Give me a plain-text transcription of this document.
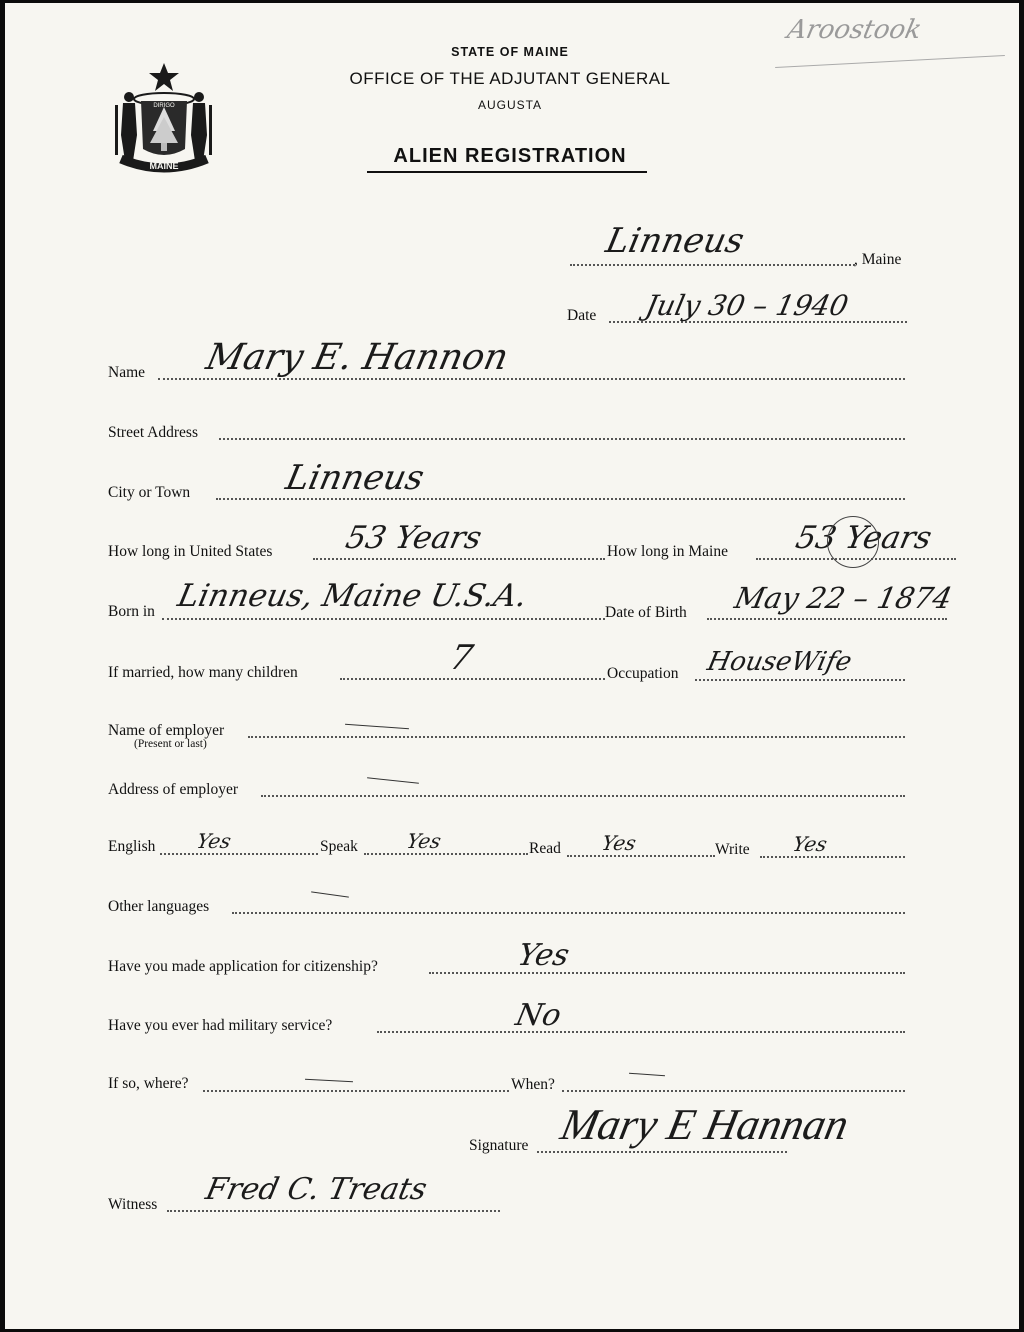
Aroostook
MAINE
DIRIGO
STATE OF MAINE
OFFICE OF THE ADJUTANT GENERAL
AUGUSTA
ALIEN REGISTRATION
Linneus	, Maine
Date July 30 – 1940
Name Mary E. Hannon
Street Address
City or Town	Linneus
How long in United States 53 Years	How long in Maine 53 Years
Born in Linneus, Maine U.S.A.	Date of Birth May 22 – 1874
If married, how many children	7	Occupation HouseWife
Name of employer
(Present or last)
Address of employer
English Yes	Speak Yes	Read Yes	Write Yes
Other languages
Have you made application for citizenship?	Yes
Have you ever had military service?	No
If so, where?	When?
Signature Mary E Hannan
Witness Fred C. Treats
